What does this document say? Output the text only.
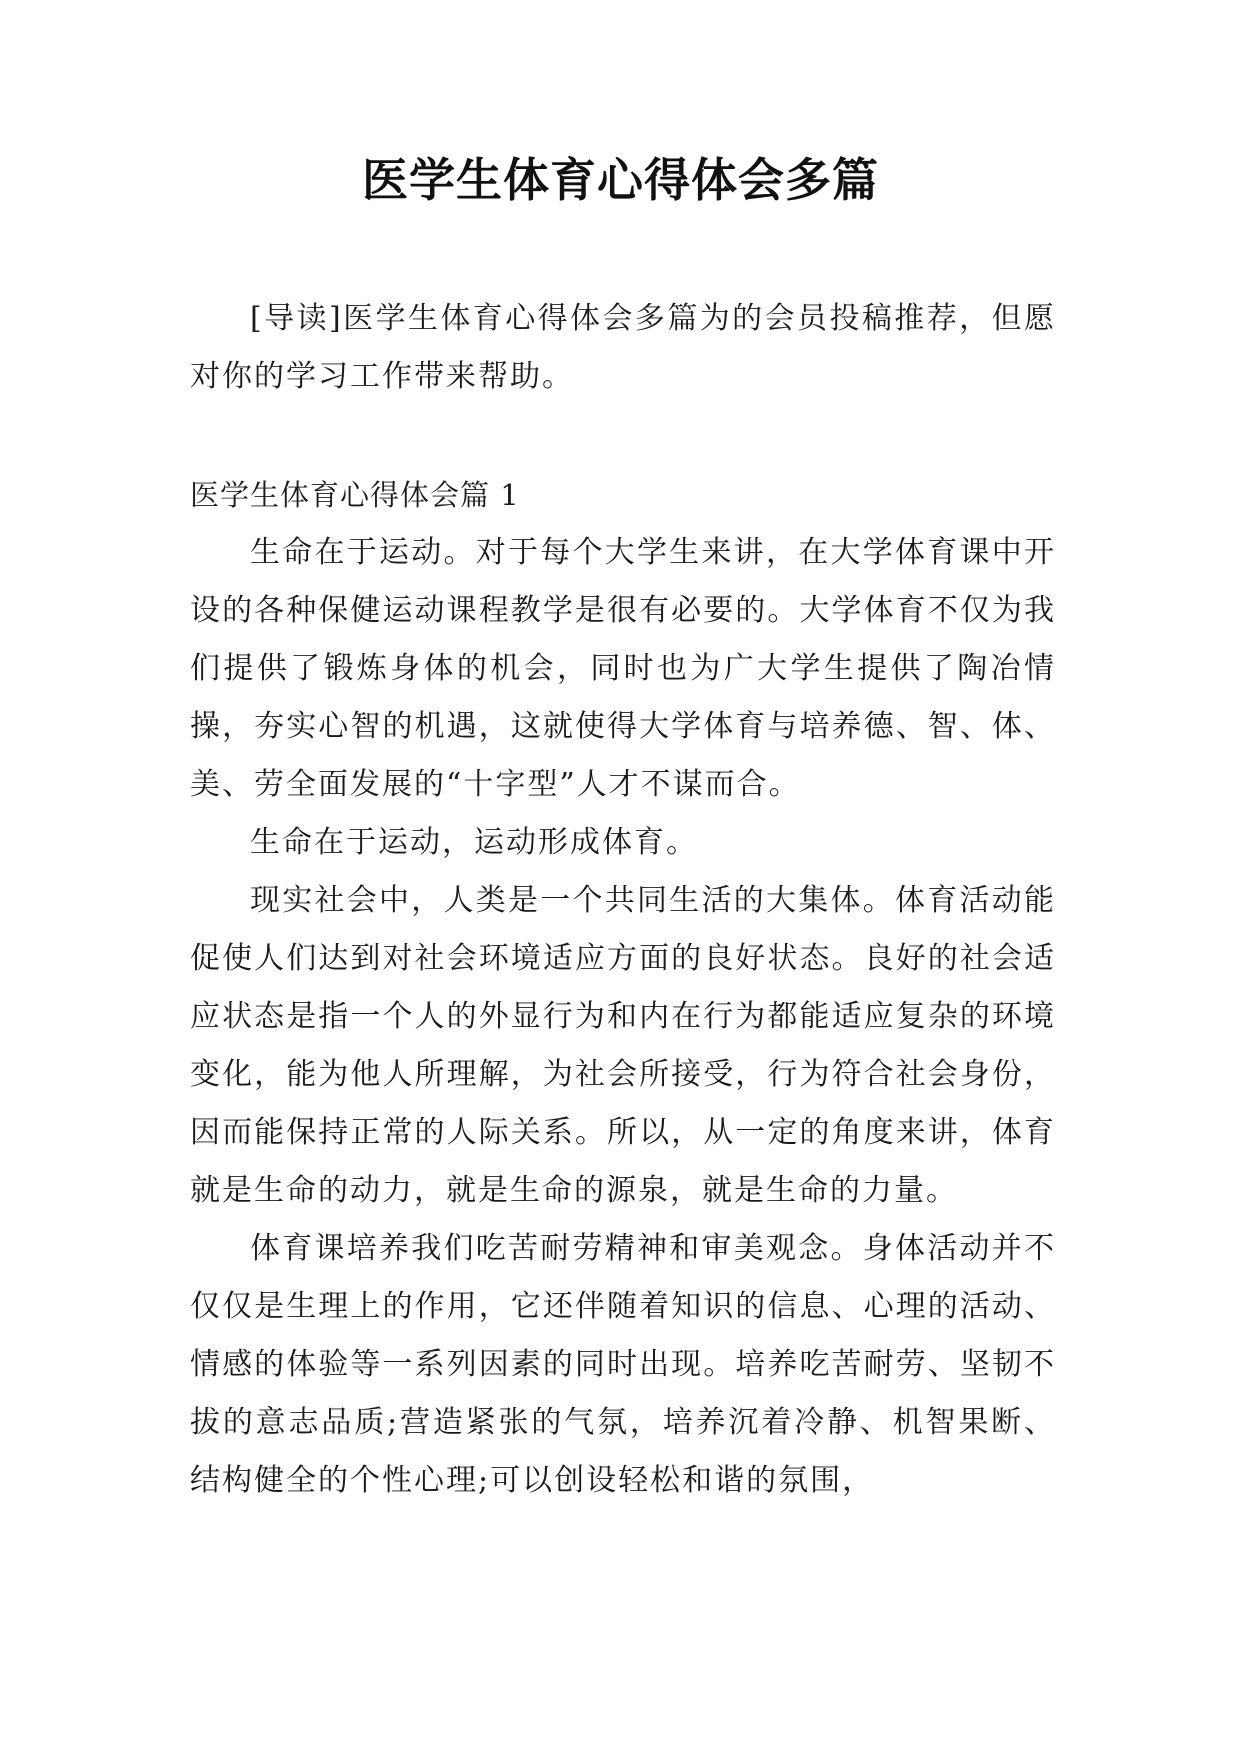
医学生体育心得体会多篇

[导读]医学生体育心得体会多篇为的会员投稿推荐，但愿对你的学习工作带来帮助。

医学生体育心得体会篇 1

生命在于运动。对于每个大学生来讲，在大学体育课中开设的各种保健运动课程教学是很有必要的。大学体育不仅为我们提供了锻炼身体的机会，同时也为广大学生提供了陶冶情操，夯实心智的机遇，这就使得大学体育与培养德、智、体、美、劳全面发展的“十字型”人才不谋而合。

生命在于运动，运动形成体育。

现实社会中，人类是一个共同生活的大集体。体育活动能促使人们达到对社会环境适应方面的良好状态。良好的社会适应状态是指一个人的外显行为和内在行为都能适应复杂的环境变化，能为他人所理解，为社会所接受，行为符合社会身份，因而能保持正常的人际关系。所以，从一定的角度来讲，体育就是生命的动力，就是生命的源泉，就是生命的力量。

体育课培养我们吃苦耐劳精神和审美观念。身体活动并不仅仅是生理上的作用，它还伴随着知识的信息、心理的活动、情感的体验等一系列因素的同时出现。培养吃苦耐劳、坚韧不拔的意志品质;营造紧张的气氛，培养沉着冷静、机智果断、结构健全的个性心理;可以创设轻松和谐的氛围，
